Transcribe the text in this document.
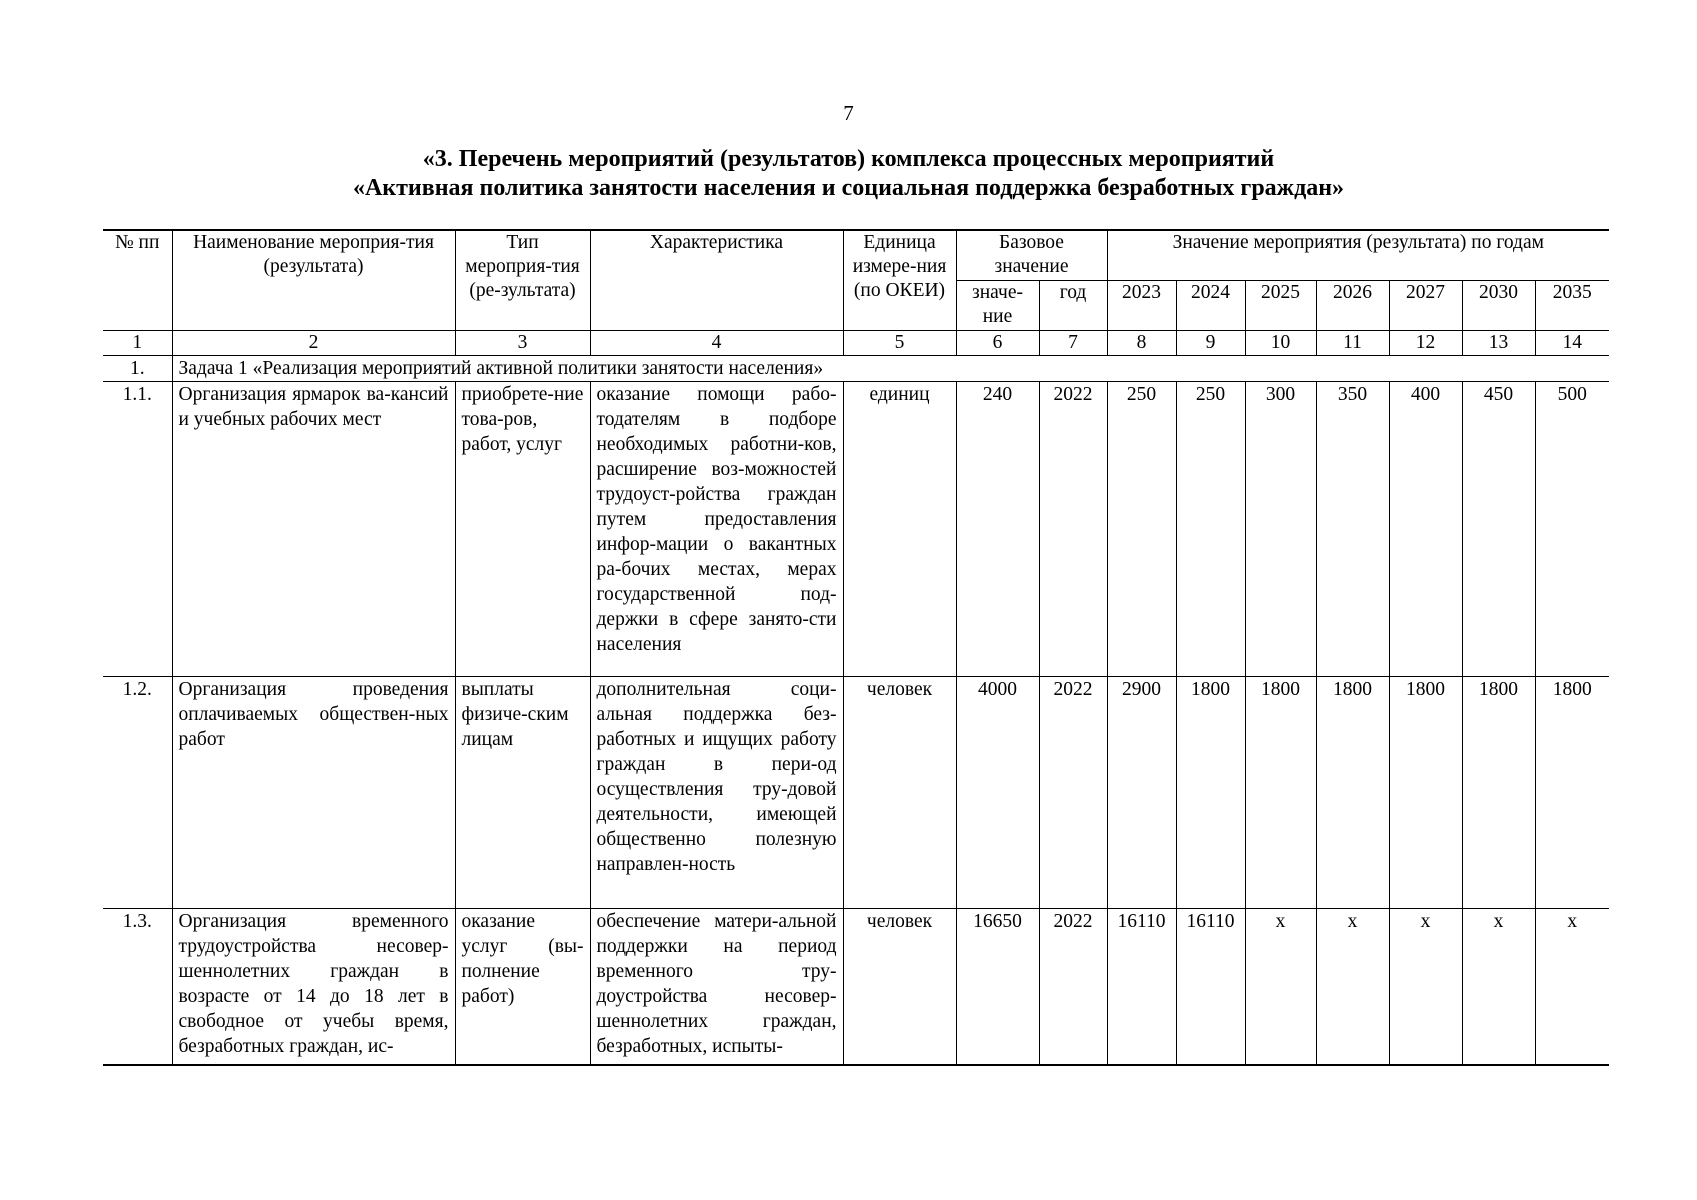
7
«3. Перечень мероприятий (результатов) комплекса процессных мероприятий
«Активная политика занятости населения и социальная поддержка безработных граждан»
№ пп	Наименование мероприя-тия (результата)	Тип мероприя-тия (ре-зультата)	Характеристика	Единица измере-ния (по ОКЕИ)	Базовое значение		Значение мероприятия (результата) по годам						
					значе-ние	год	2023	2024	2025	2026	2027	2030	2035
1	2	3	4	5	6	7	8	9	10	11	12	13	14
1.	Задача 1 «Реализация мероприятий активной политики занятости населения»												
1.1.	Организация ярмарок ва-кансий и учебных рабочих мест	приобрете-ние това-ров, работ, услуг	оказание помощи рабо-тодателям в подборе необходимых работни-ков, расширение воз-можностей трудоуст-ройства граждан путем предоставления инфор-мации о вакантных ра-бочих местах, мерах государственной под-держки в сфере занято-сти населения	единиц	240	2022	250	250	300	350	400	450	500
1.2.	Организация проведения оплачиваемых обществен-ных работ	выплаты физиче-ским лицам	дополнительная соци-альная поддержка без-работных и ищущих работу граждан в пери-од осуществления тру-довой деятельности, имеющей общественно полезную направлен-ность	человек	4000	2022	2900	1800	1800	1800	1800	1800	1800
1.3.	Организация временного трудоустройства несовер-шеннолетних граждан в возрасте от 14 до 18 лет в свободное от учебы время, безработных граждан, ис-	оказание услуг (вы-полнение работ)	обеспечение матери-альной поддержки на период временного тру-доустройства несовер-шеннолетних граждан, безработных, испыты-	человек	16650	2022	16110	16110	x	x	x	x	x
